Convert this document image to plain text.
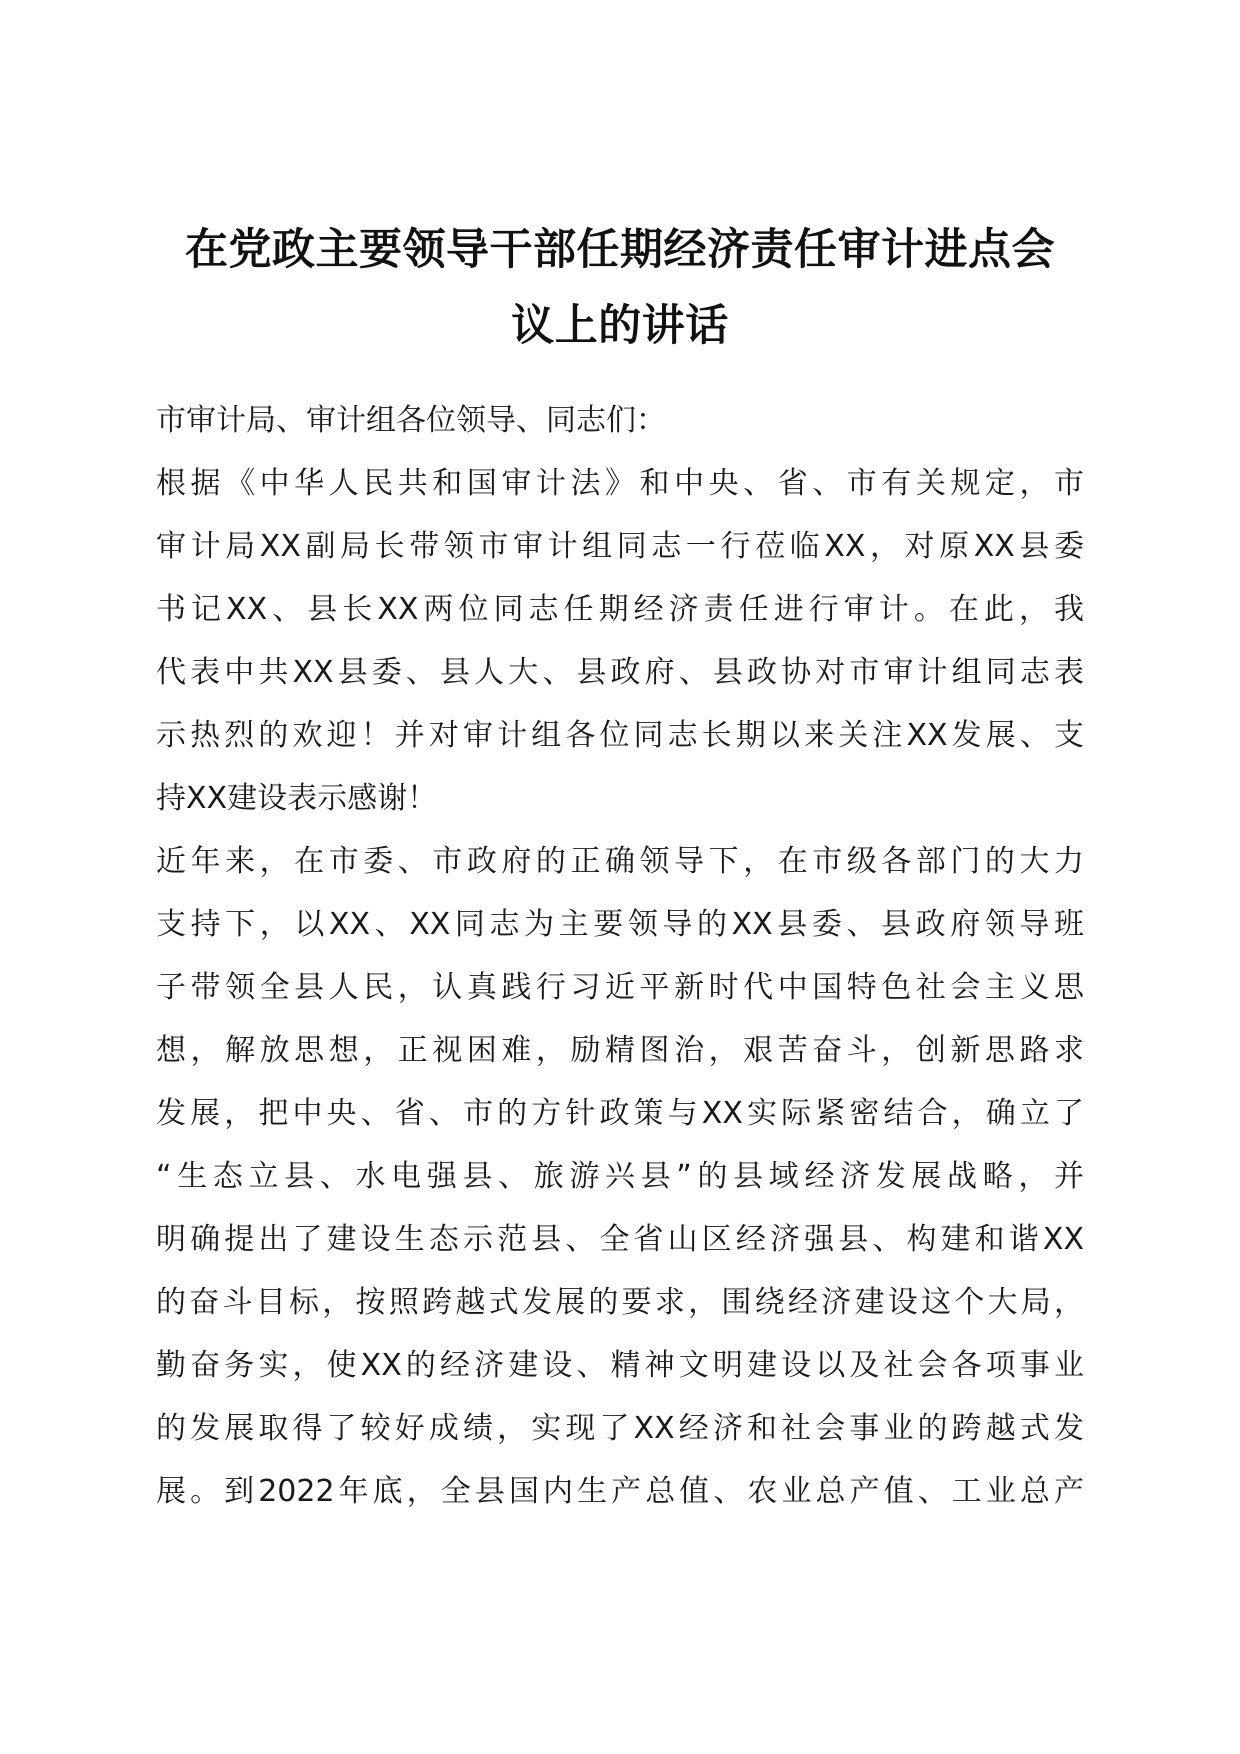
在党政主要领导干部任期经济责任审计进点会
议上的讲话
市审计局、审计组各位领导、同志们：
根据《中华人民共和国审计法》和中央、省、市有关规定，市
审计局XX副局长带领市审计组同志一行莅临XX，对原XX县委
书记XX、县长XX两位同志任期经济责任进行审计。在此，我
代表中共XX县委、县人大、县政府、县政协对市审计组同志表
示热烈的欢迎！并对审计组各位同志长期以来关注XX发展、支
持XX建设表示感谢！
近年来，在市委、市政府的正确领导下，在市级各部门的大力
支持下，以XX、XX同志为主要领导的XX县委、县政府领导班
子带领全县人民，认真践行习近平新时代中国特色社会主义思
想，解放思想，正视困难，励精图治，艰苦奋斗，创新思路求
发展，把中央、省、市的方针政策与XX实际紧密结合，确立了
“生态立县、水电强县、旅游兴县”的县域经济发展战略，并
明确提出了建设生态示范县、全省山区经济强县、构建和谐XX
的奋斗目标，按照跨越式发展的要求，围绕经济建设这个大局，
勤奋务实，使XX的经济建设、精神文明建设以及社会各项事业
的发展取得了较好成绩，实现了XX经济和社会事业的跨越式发
展。到2022年底，全县国内生产总值、农业总产值、工业总产
